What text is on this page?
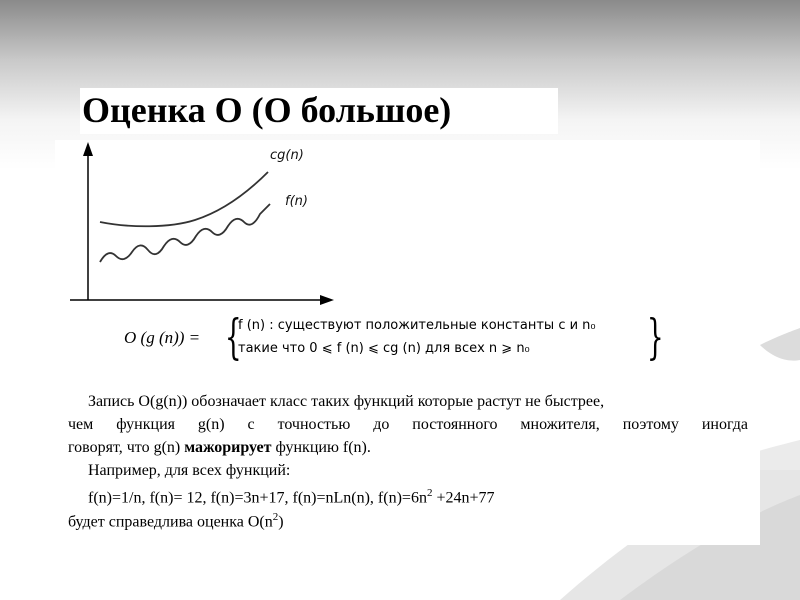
Оценка О (О большое)
cg(n)
f(n)
O (g (n)) = {	}
f (n) : существуют положительные константы c и n₀
такие что 0 ⩽ f (n) ⩽ cg (n) для всех n ⩾ n₀
Запись O(g(n)) обозначает класс таких функций которые растут не быстрее,
чем функция g(n) с точностью до постоянного множителя, поэтому иногда
говорят, что g(n) мажорирует функцию f(n).
Например, для всех функций:
f(n)=1/n, f(n)= 12, f(n)=3n+17, f(n)=nLn(n), $f(n)=6n^2 +24n+77$
будет справедлива оценка $O(n^2)$
